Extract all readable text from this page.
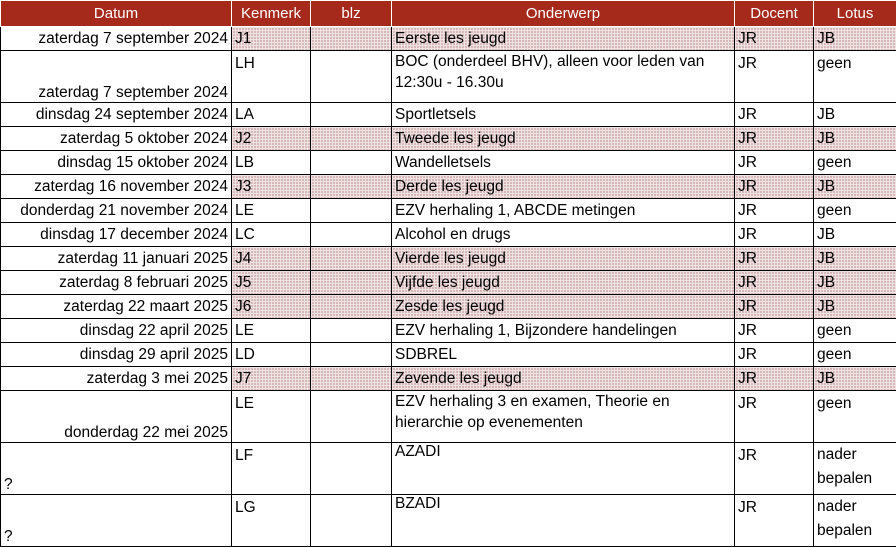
Datum	Kenmerk	blz	Onderwerp	Docent	Lotus
zaterdag 7 september 2024	J1		Eerste les jeugd	JR	JB
zaterdag 7 september 2024	LH		BOC (onderdeel BHV), alleen voor leden van 12:30u - 16.30u	JR	geen
dinsdag 24 september 2024	LA		Sportletsels	JR	JB
zaterdag 5 oktober 2024	J2		Tweede les jeugd	JR	JB
dinsdag 15 oktober 2024	LB		Wandelletsels	JR	geen
zaterdag 16 november 2024	J3		Derde les jeugd	JR	JB
donderdag 21 november 2024	LE		EZV herhaling 1, ABCDE metingen	JR	geen
dinsdag 17 december 2024	LC		Alcohol en drugs	JR	JB
zaterdag 11 januari 2025	J4		Vierde les jeugd	JR	JB
zaterdag 8 februari 2025	J5		Vijfde les jeugd	JR	JB
zaterdag 22 maart 2025	J6		Zesde les jeugd	JR	JB
dinsdag 22 april 2025	LE		EZV herhaling 1, Bijzondere handelingen	JR	geen
dinsdag 29 april 2025	LD		SDBREL	JR	geen
zaterdag 3 mei 2025	J7		Zevende les jeugd	JR	JB
donderdag 22 mei 2025	LE		EZV herhaling 3 en examen, Theorie en hierarchie op evenementen	JR	geen
?	LF		AZADI	JR	nader bepalen
?	LG		BZADI	JR	nader bepalen
